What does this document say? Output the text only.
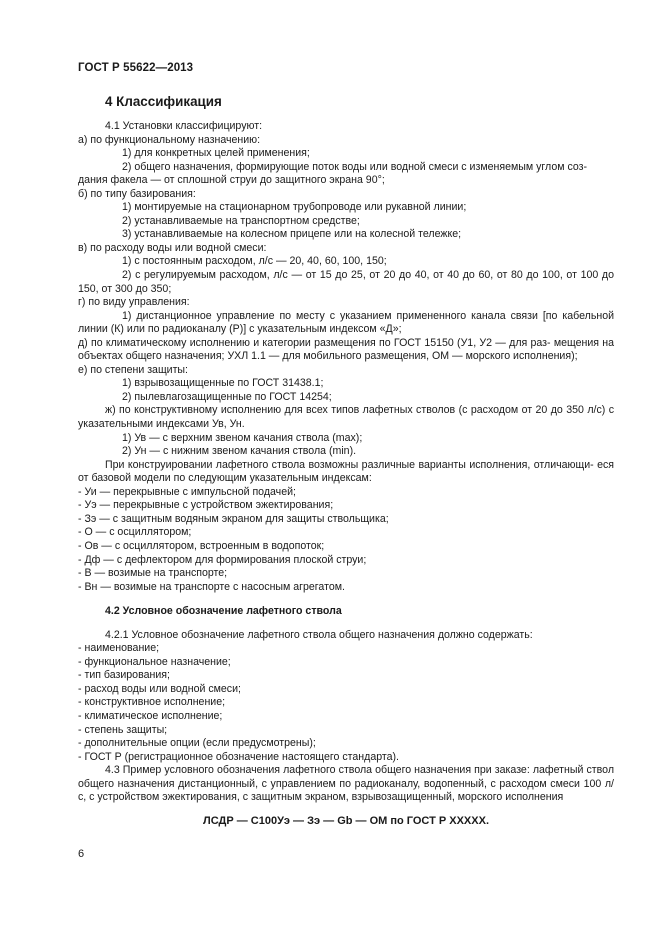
ГОСТ Р 55622—2013
4 Классификация

4.1 Установки классифицируют:

а) по функциональному назначению:

1) для конкретных целей применения;

2) общего назначения, формирующие поток воды или водной смеси с изменяемым углом соз-

дания факела — от сплошной струи до защитного экрана 90°;

б) по типу базирования:

1) монтируемые на стационарном трубопроводе или рукавной линии;

2) устанавливаемые на транспортном средстве;

3) устанавливаемые на колесном прицепе или на колесной тележке;

в) по расходу воды или водной смеси:

1) с постоянным расходом, л/с — 20, 40, 60, 100, 150;

2) с регулируемым расходом, л/с — от 15 до 25, от 20 до 40, от 40 до 60, от 80 до 100, от 100 до 150, от 300 до 350;

г) по виду управления:

1) дистанционное управление по месту с указанием примененного канала связи [по кабельной линии (К) или по радиоканалу (Р)] с указательным индексом «Д»;

д) по климатическому исполнению и категории размещения по ГОСТ 15150 (У1, У2 — для раз- мещения на объектах общего назначения; УХЛ 1.1 — для мобильного размещения, ОМ — морского исполнения);

е) по степени защиты:

1) взрывозащищенные по ГОСТ 31438.1;

2) пылевлагозащищенные по ГОСТ 14254;

ж) по конструктивному исполнению для всех типов лафетных стволов (с расходом от 20 до 350 л/с) с указательными индексами Ув, Ун.

1) Ув — с верхним звеном качания ствола (max);

2) Ун — с нижним звеном качания ствола (min).

При конструировании лафетного ствола возможны различные варианты исполнения, отличающи- еся от базовой модели по следующим указательным индексам:

- Уи — перекрывные с импульсной подачей;

- Уэ — перекрывные с устройством эжектирования;

- Зэ — с защитным водяным экраном для защиты ствольщика;

- О — с осциллятором;

- Ов — с осциллятором, встроенным в водопоток;

- Дф — с дефлектором для формирования плоской струи;

- В — возимые на транспорте;

- Вн — возимые на транспорте с насосным агрегатом.

4.2 Условное обозначение лафетного ствола

4.2.1 Условное обозначение лафетного ствола общего назначения должно содержать:

- наименование;

- функциональное назначение;

- тип базирования;

- расход воды или водной смеси;

- конструктивное исполнение;

- климатическое исполнение;

- степень защиты;

- дополнительные опции (если предусмотрены);

- ГОСТ Р (регистрационное обозначение настоящего стандарта).

4.3 Пример условного обозначения лафетного ствола общего назначения при заказе: лафетный ствол общего назначения дистанционный, с управлением по радиоканалу, водопенный, с расходом смеси 100 л/с, с устройством эжектирования, с защитным экраном, взрывозащищенный, морского исполнения

ЛСДР — С100Уэ — Зэ — Gb — ОМ по ГОСТ Р ХХХХХ.
6
